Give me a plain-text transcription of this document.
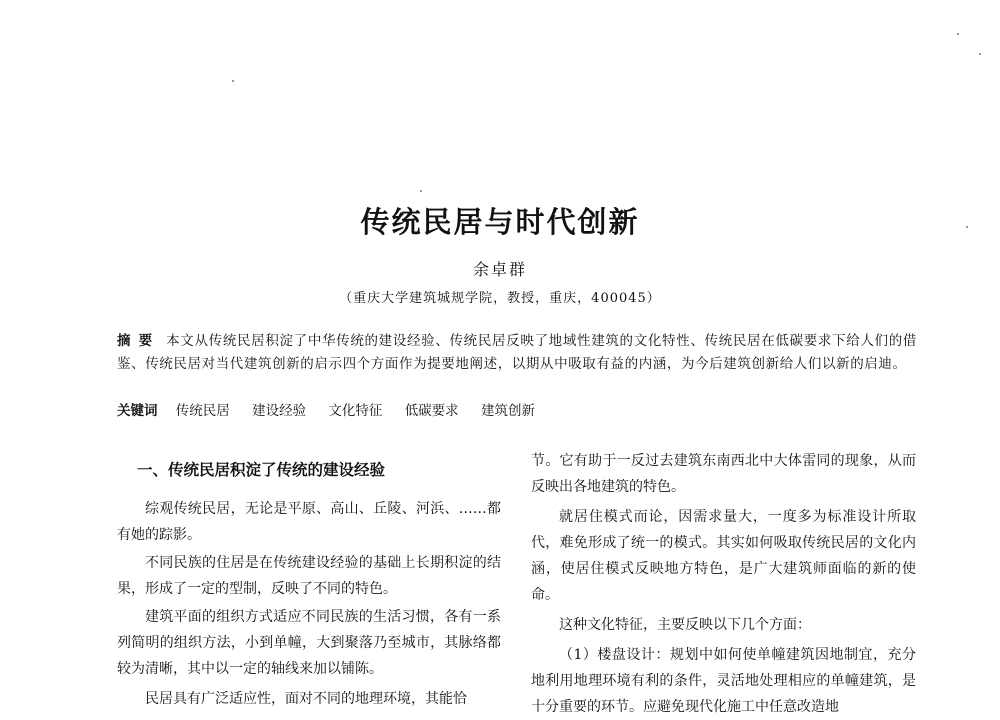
传统民居与时代创新
余卓群
（重庆大学建筑城规学院，教授，重庆，400045）
摘要 本文从传统民居积淀了中华传统的建设经验、传统民居反映了地域性建筑的文化特性、传统民居在低碳要求下给人们的借鉴、传统民居对当代建筑创新的启示四个方面作为提要地阐述，以期从中吸取有益的内涵，为今后建筑创新给人们以新的启迪。
关键词 传统民居 建设经验 文化特征 低碳要求 建筑创新
一、传统民居积淀了传统的建设经验

综观传统民居，无论是平原、高山、丘陵、河浜、……都有她的踪影。

不同民族的住居是在传统建设经验的基础上长期积淀的结果，形成了一定的型制，反映了不同的特色。

建筑平面的组织方式适应不同民族的生活习惯，各有一系列简明的组织方法，小到单幢，大到聚落乃至城市，其脉络都较为清晰，其中以一定的轴线来加以铺陈。

民居具有广泛适应性，面对不同的地理环境，其能恰

节。它有助于一反过去建筑东南西北中大体雷同的现象，从而反映出各地建筑的特色。

就居住模式而论，因需求量大，一度多为标准设计所取代，难免形成了统一的模式。其实如何吸取传统民居的文化内涵，使居住模式反映地方特色，是广大建筑师面临的新的使命。

这种文化特征，主要反映以下几个方面：

（1）楼盘设计：规划中如何使单幢建筑因地制宜，充分地利用地理环境有利的条件，灵活地处理相应的单幢建筑，是十分重要的环节。应避免现代化施工中任意改造地
